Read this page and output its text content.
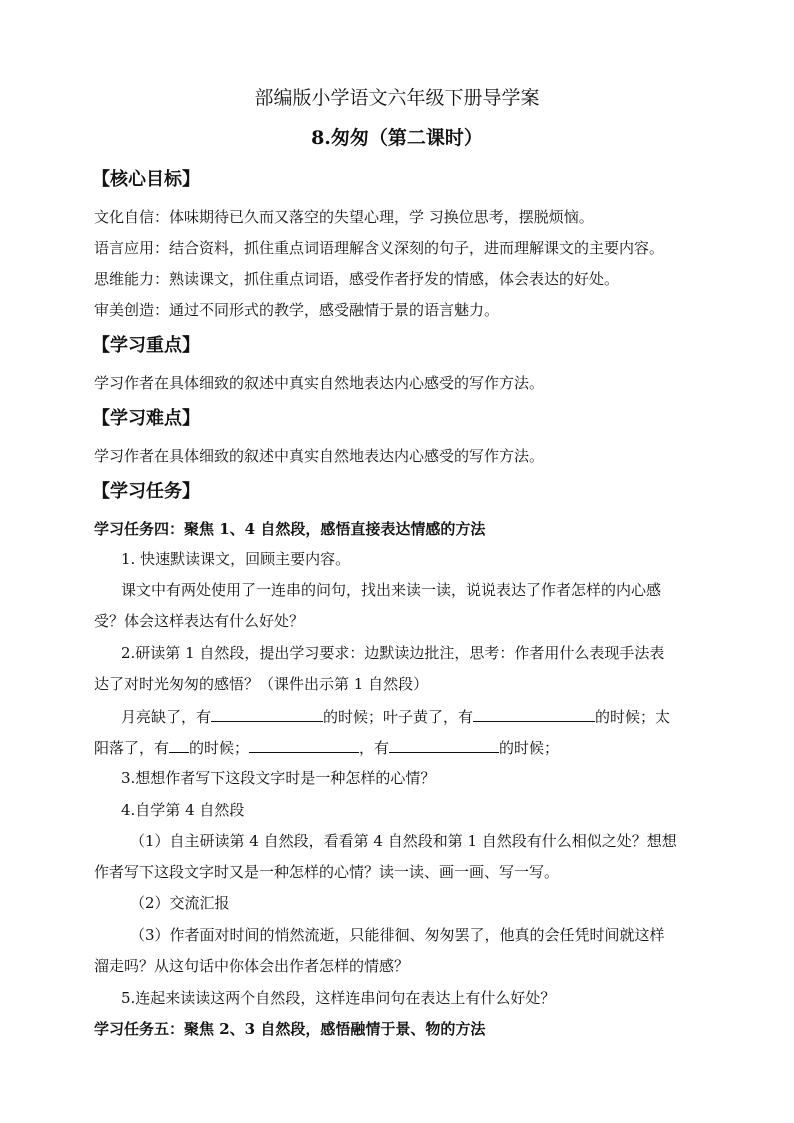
部编版小学语文六年级下册导学案
8.匆匆（第二课时）
【核心目标】
文化自信：体味期待已久而又落空的失望心理，学 习换位思考，摆脱烦恼。
语言应用：结合资料，抓住重点词语理解含义深刻的句子，进而理解课文的主要内容。
思维能力：熟读课文，抓住重点词语，感受作者抒发的情感，体会表达的好处。
审美创造：通过不同形式的教学，感受融情于景的语言魅力。
【学习重点】
学习作者在具体细致的叙述中真实自然地表达内心感受的写作方法。
【学习难点】
学习作者在具体细致的叙述中真实自然地表达内心感受的写作方法。
【学习任务】
学习任务四：聚焦 1、4 自然段，感悟直接表达情感的方法
1. 快速默读课文，回顾主要内容。
课文中有两处使用了一连串的问句，找出来读一读，说说表达了作者怎样的内心感
受？体会这样表达有什么好处？
2.研读第 1 自然段，提出学习要求：边默读边批注，思考：作者用什么表现手法表
达了对时光匆匆的感悟？（课件出示第 1 自然段）
月亮缺了，有	的时候；叶子黄了，有	的时候；太
阳落了，有 的时候；	，有	的时候；
3.想想作者写下这段文字时是一种怎样的心情？
4.自学第 4 自然段
（1）自主研读第 4 自然段，看看第 4 自然段和第 1 自然段有什么相似之处？想想
作者写下这段文字时又是一种怎样的心情？读一读、画一画、写一写。
（2）交流汇报
（3）作者面对时间的悄然流逝，只能徘徊、匆匆罢了，他真的会任凭时间就这样
溜走吗？从这句话中你体会出作者怎样的情感？
5.连起来读读这两个自然段，这样连串问句在表达上有什么好处？
学习任务五：聚焦 2、3 自然段，感悟融情于景、物的方法
